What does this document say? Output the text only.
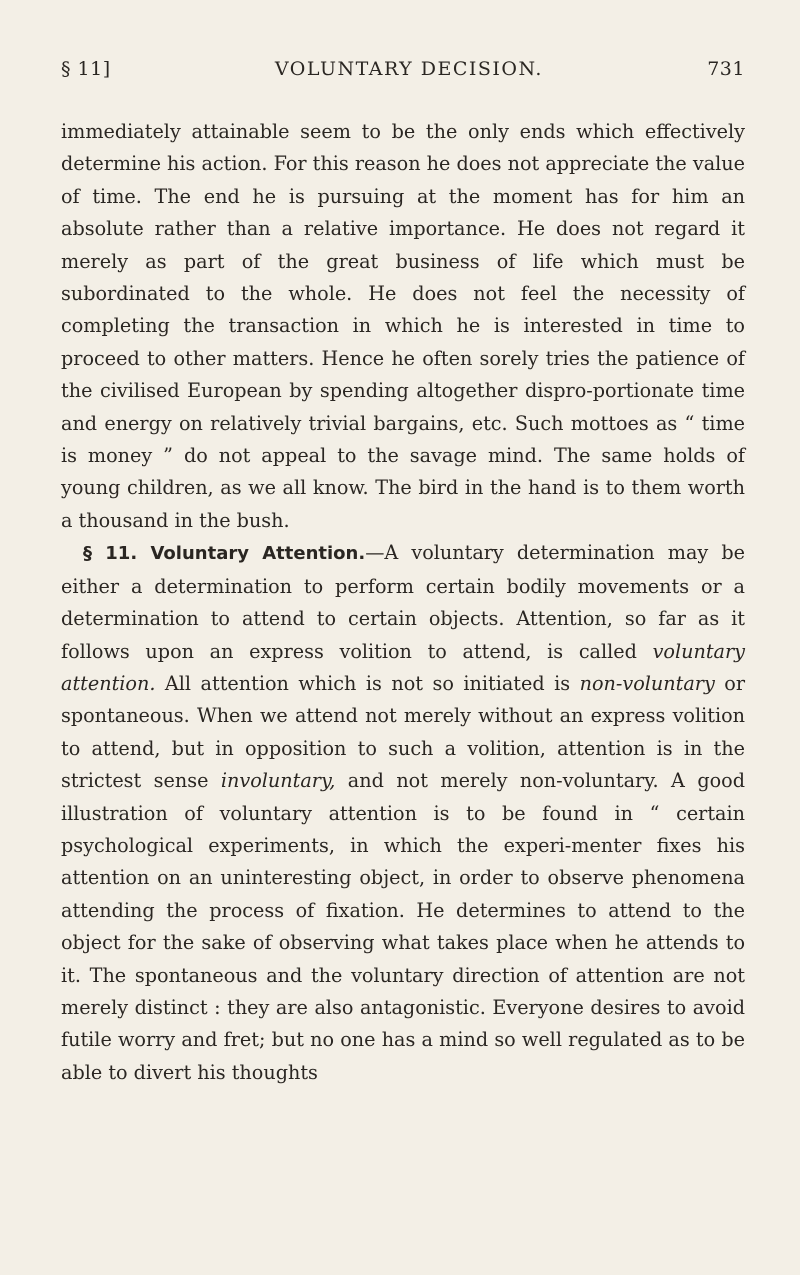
§ 11]	VOLUNTARY DECISION.	731

immediately attainable seem to be the only ends which effectively determine his action. For this reason he does not appreciate the value of time. The end he is pursuing at the moment has for him an absolute rather than a relative importance. He does not regard it merely as part of the great business of life which must be subordinated to the whole. He does not feel the necessity of completing the transaction in which he is interested in time to proceed to other matters. Hence he often sorely tries the patience of the civilised European by spending altogether dispro-portionate time and energy on relatively trivial bargains, etc. Such mottoes as “ time is money ” do not appeal to the savage mind. The same holds of young children, as we all know. The bird in the hand is to them worth a thousand in the bush.

§ 11. Voluntary Attention.—A voluntary determination may be either a determination to perform certain bodily movements or a determination to attend to certain objects. Attention, so far as it follows upon an express volition to attend, is called voluntary attention. All attention which is not so initiated is non-voluntary or spontaneous. When we attend not merely without an express volition to attend, but in opposition to such a volition, attention is in the strictest sense involuntary, and not merely non-voluntary. A good illustration of voluntary attention is to be found in “ certain psychological experiments, in which the experi-menter fixes his attention on an uninteresting object, in order to observe phenomena attending the process of fixation. He determines to attend to the object for the sake of observing what takes place when he attends to it. The spontaneous and the voluntary direction of attention are not merely distinct : they are also antagonistic. Everyone desires to avoid futile worry and fret; but no one has a mind so well regulated as to be able to divert his thoughts
